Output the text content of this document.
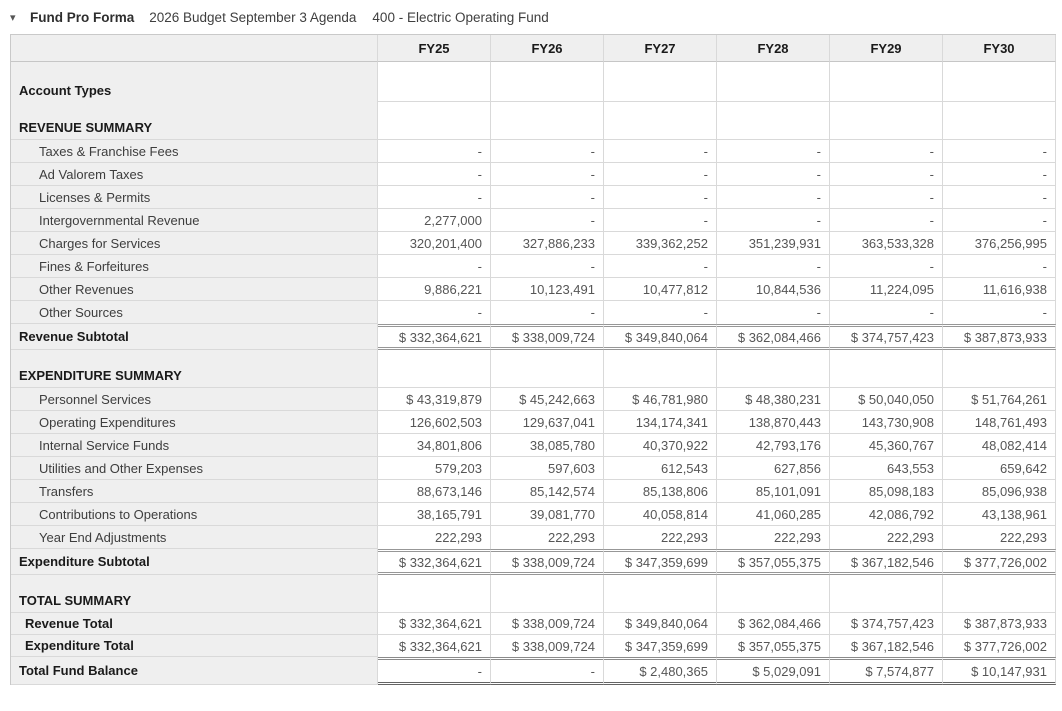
▾	Fund Pro Forma 2026 Budget September 3 Agenda 400 - Electric Operating Fund
	FY25	FY26	FY27	FY28	FY29	FY30
Account Types						
REVENUE SUMMARY						
Taxes & Franchise Fees	-	-	-	-	-	-
Ad Valorem Taxes	-	-	-	-	-	-
Licenses & Permits	-	-	-	-	-	-
Intergovernmental Revenue	2,277,000	-	-	-	-	-
Charges for Services	320,201,400	327,886,233	339,362,252	351,239,931	363,533,328	376,256,995
Fines & Forfeitures	-	-	-	-	-	-
Other Revenues	9,886,221	10,123,491	10,477,812	10,844,536	11,224,095	11,616,938
Other Sources	-	-	-	-	-	-
Revenue Subtotal	$ 332,364,621	$ 338,009,724	$ 349,840,064	$ 362,084,466	$ 374,757,423	$ 387,873,933
EXPENDITURE SUMMARY						
Personnel Services	$ 43,319,879	$ 45,242,663	$ 46,781,980	$ 48,380,231	$ 50,040,050	$ 51,764,261
Operating Expenditures	126,602,503	129,637,041	134,174,341	138,870,443	143,730,908	148,761,493
Internal Service Funds	34,801,806	38,085,780	40,370,922	42,793,176	45,360,767	48,082,414
Utilities and Other Expenses	579,203	597,603	612,543	627,856	643,553	659,642
Transfers	88,673,146	85,142,574	85,138,806	85,101,091	85,098,183	85,096,938
Contributions to Operations	38,165,791	39,081,770	40,058,814	41,060,285	42,086,792	43,138,961
Year End Adjustments	222,293	222,293	222,293	222,293	222,293	222,293
Expenditure Subtotal	$ 332,364,621	$ 338,009,724	$ 347,359,699	$ 357,055,375	$ 367,182,546	$ 377,726,002
TOTAL SUMMARY						
Revenue Total	$ 332,364,621	$ 338,009,724	$ 349,840,064	$ 362,084,466	$ 374,757,423	$ 387,873,933
Expenditure Total	$ 332,364,621	$ 338,009,724	$ 347,359,699	$ 357,055,375	$ 367,182,546	$ 377,726,002
Total Fund Balance	-	-	$ 2,480,365	$ 5,029,091	$ 7,574,877	$ 10,147,931
